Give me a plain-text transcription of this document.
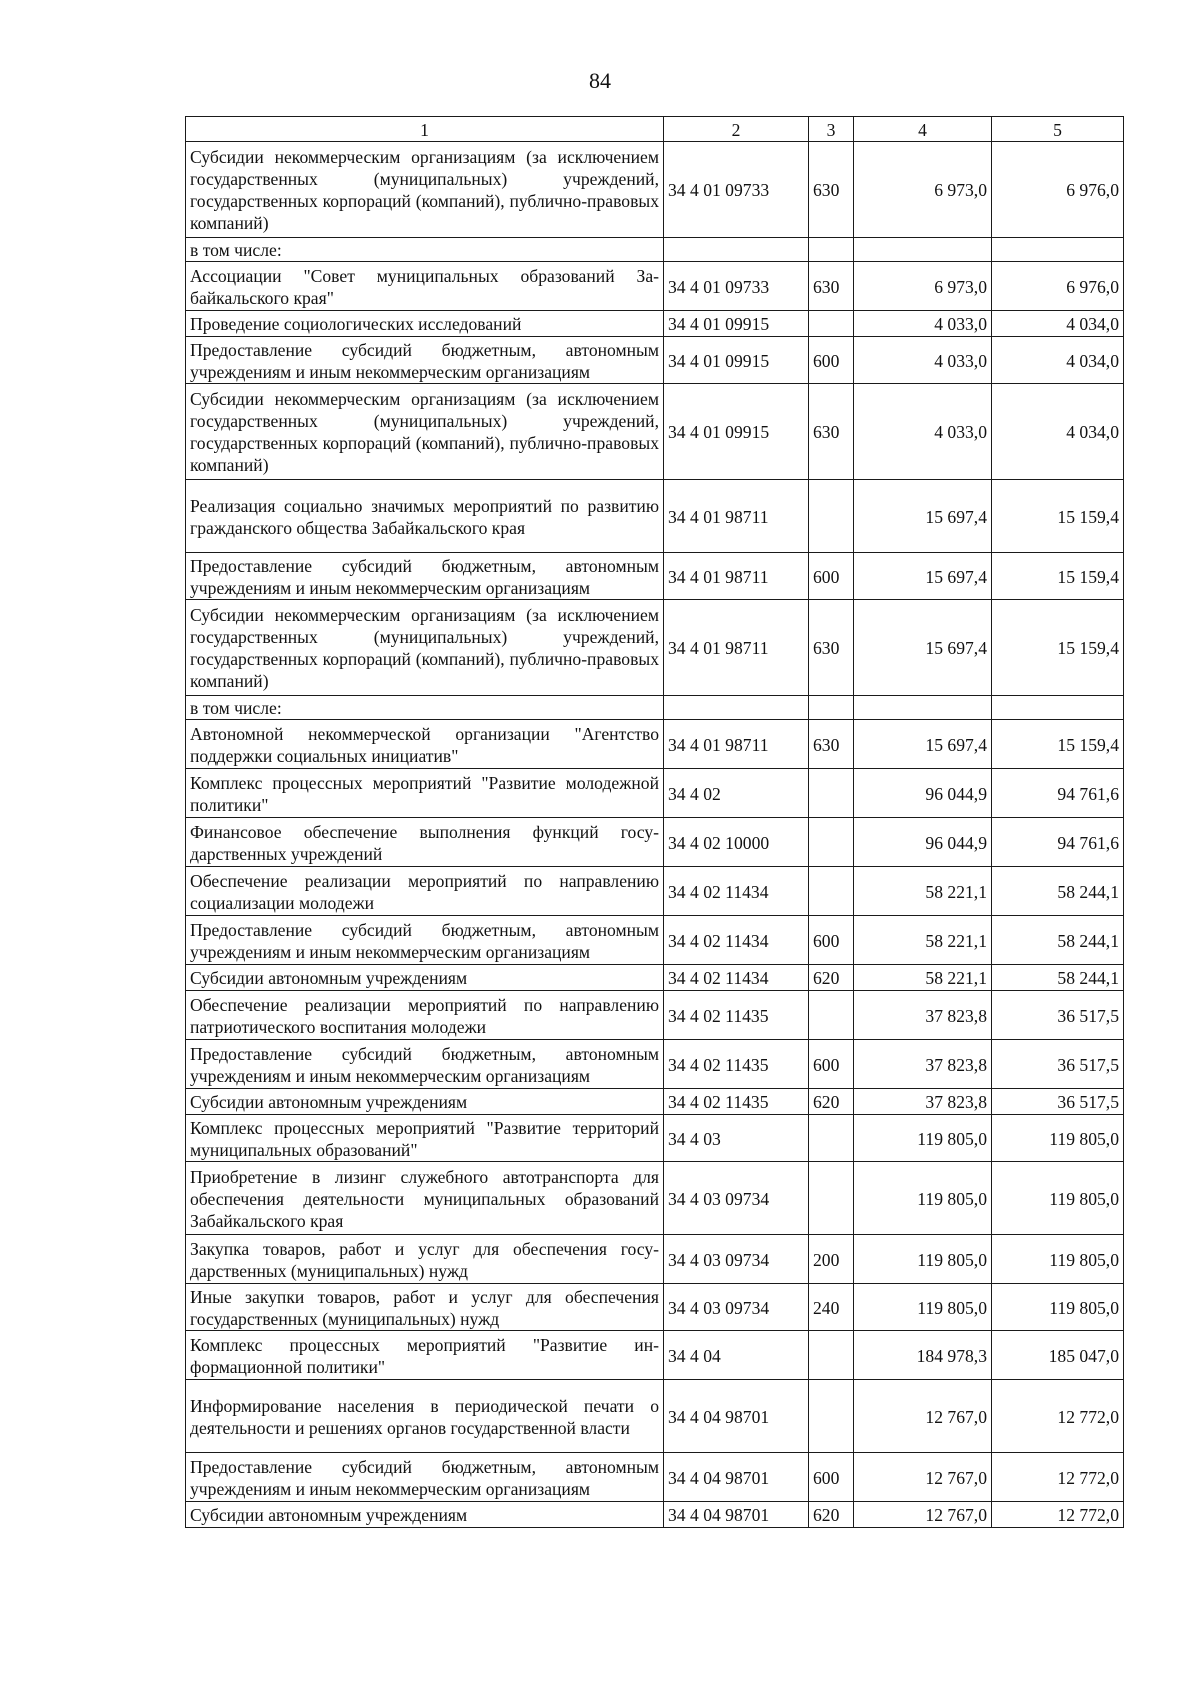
84
1	2	3	4	5
Субсидии некоммерческим организациям (за исключением государственных (муниципальных) учреждений, государственных корпораций (компаний), публично-правовых компаний)	34 4 01 09733	630	6 973,0	6 976,0
в том числе:				
Ассоциации "Совет муниципальных образований Забайкальского края"	34 4 01 09733	630	6 973,0	6 976,0
Проведение социологических исследований	34 4 01 09915		4 033,0	4 034,0
Предоставление субсидий бюджетным, автономным учреждениям и иным некоммерческим организациям	34 4 01 09915	600	4 033,0	4 034,0
Субсидии некоммерческим организациям (за исключением государственных (муниципальных) учреждений, государственных корпораций (компаний), публично-правовых компаний)	34 4 01 09915	630	4 033,0	4 034,0
Реализация социально значимых мероприятий по развитию гражданского общества Забайкальского края	34 4 01 98711		15 697,4	15 159,4
Предоставление субсидий бюджетным, автономным учреждениям и иным некоммерческим организациям	34 4 01 98711	600	15 697,4	15 159,4
Субсидии некоммерческим организациям (за исключением государственных (муниципальных) учреждений, государственных корпораций (компаний), публично-правовых компаний)	34 4 01 98711	630	15 697,4	15 159,4
в том числе:				
Автономной некоммерческой организации "Агентство поддержки социальных инициатив"	34 4 01 98711	630	15 697,4	15 159,4
Комплекс процессных мероприятий "Развитие молодежной политики"	34 4 02		96 044,9	94 761,6
Финансовое обеспечение выполнения функций государственных учреждений	34 4 02 10000		96 044,9	94 761,6
Обеспечение реализации мероприятий по направлению социализации молодежи	34 4 02 11434		58 221,1	58 244,1
Предоставление субсидий бюджетным, автономным учреждениям и иным некоммерческим организациям	34 4 02 11434	600	58 221,1	58 244,1
Субсидии автономным учреждениям	34 4 02 11434	620	58 221,1	58 244,1
Обеспечение реализации мероприятий по направлению патриотического воспитания молодежи	34 4 02 11435		37 823,8	36 517,5
Предоставление субсидий бюджетным, автономным учреждениям и иным некоммерческим организациям	34 4 02 11435	600	37 823,8	36 517,5
Субсидии автономным учреждениям	34 4 02 11435	620	37 823,8	36 517,5
Комплекс процессных мероприятий "Развитие территорий муниципальных образований"	34 4 03		119 805,0	119 805,0
Приобретение в лизинг служебного автотранспорта для обеспечения деятельности муниципальных образований Забайкальского края	34 4 03 09734		119 805,0	119 805,0
Закупка товаров, работ и услуг для обеспечения государственных (муниципальных) нужд	34 4 03 09734	200	119 805,0	119 805,0
Иные закупки товаров, работ и услуг для обеспечения государственных (муниципальных) нужд	34 4 03 09734	240	119 805,0	119 805,0
Комплекс процессных мероприятий "Развитие информационной политики"	34 4 04		184 978,3	185 047,0
Информирование населения в периодической печати о деятельности и решениях органов государственной власти	34 4 04 98701		12 767,0	12 772,0
Предоставление субсидий бюджетным, автономным учреждениям и иным некоммерческим организациям	34 4 04 98701	600	12 767,0	12 772,0
Субсидии автономным учреждениям	34 4 04 98701	620	12 767,0	12 772,0
